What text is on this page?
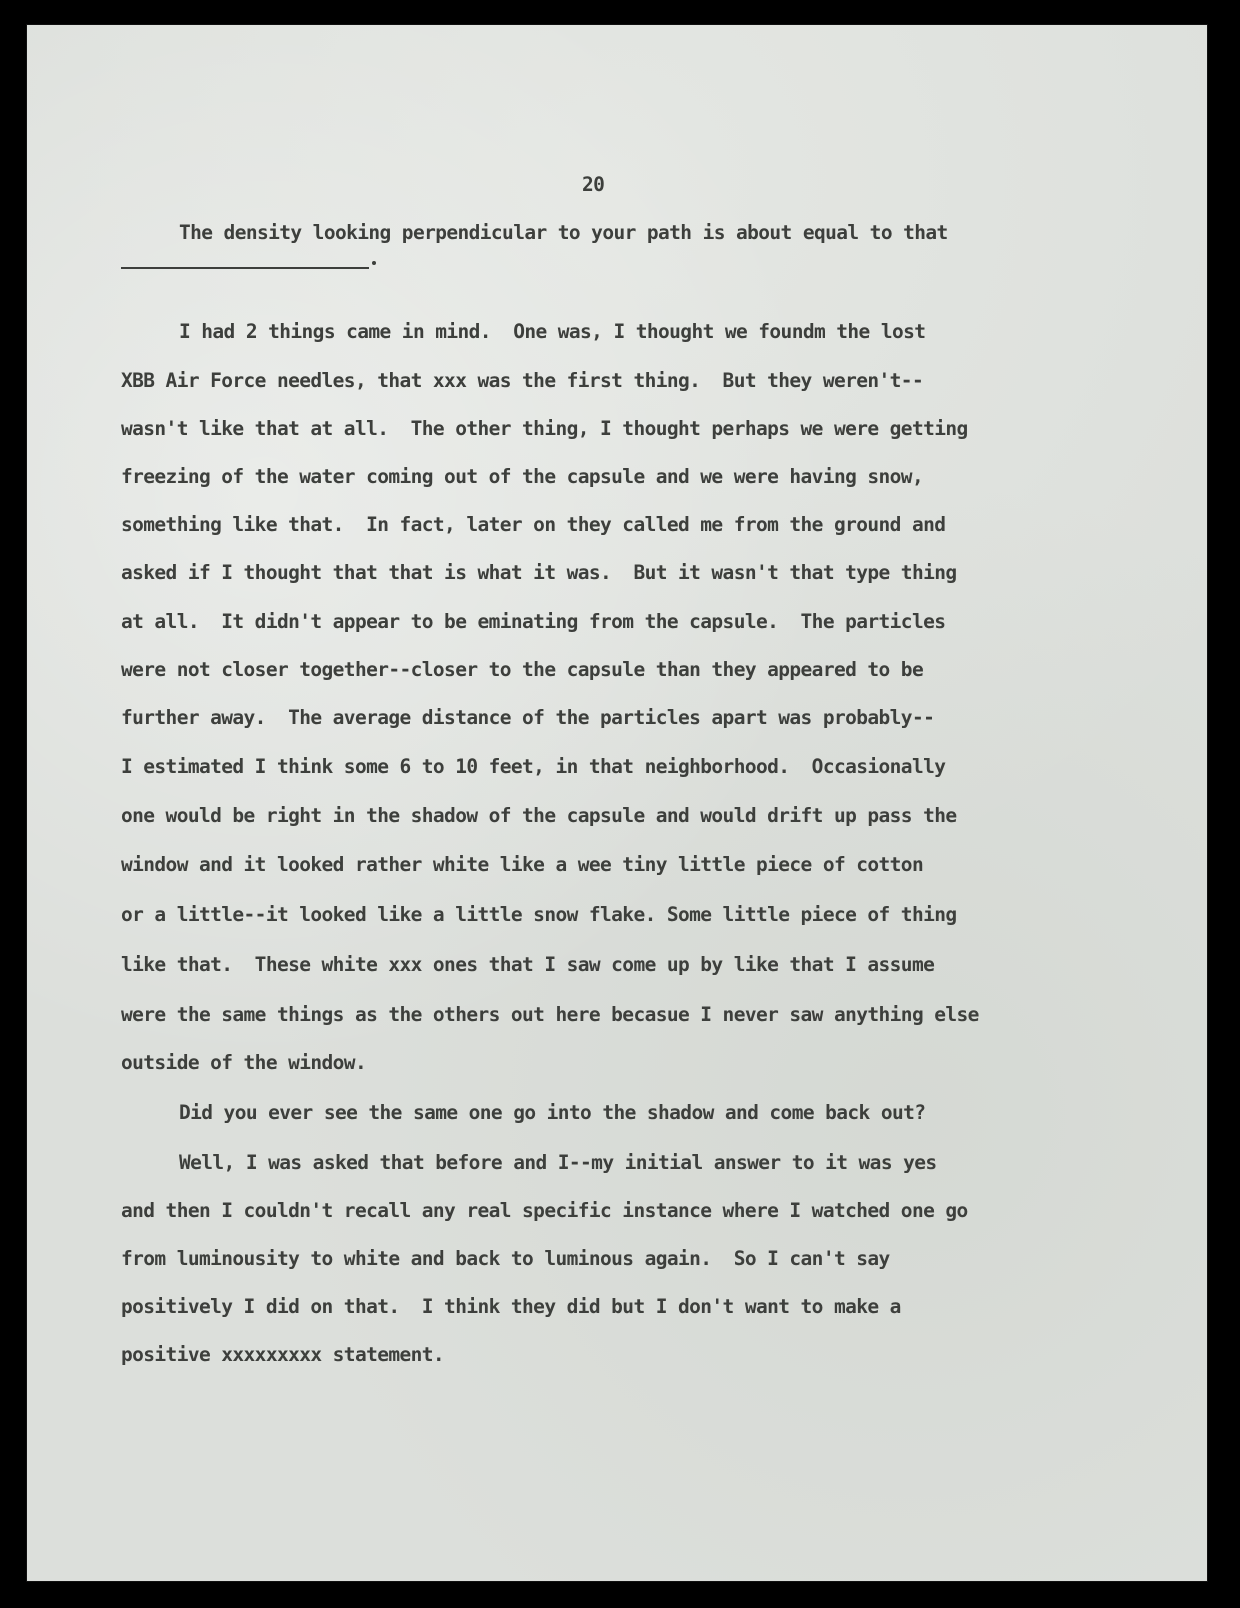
20

The density looking perpendicular to your path is about equal to that

I had 2 things came in mind.  One was, I thought we foundm the lost

XBB Air Force needles, that xxx was the first thing.  But they weren't--

wasn't like that at all.  The other thing, I thought perhaps we were getting

freezing of the water coming out of the capsule and we were having snow,

something like that.  In fact, later on they called me from the ground and

asked if I thought that that is what it was.  But it wasn't that type thing

at all.  It didn't appear to be eminating from the capsule.  The particles

were not closer together--closer to the capsule than they appeared to be

further away.  The average distance of the particles apart was probably--

I estimated I think some 6 to 10 feet, in that neighborhood.  Occasionally

one would be right in the shadow of the capsule and would drift up pass the

window and it looked rather white like a wee tiny little piece of cotton

or a little--it looked like a little snow flake. Some little piece of thing

like that.  These white xxx ones that I saw come up by like that I assume

were the same things as the others out here becasue I never saw anything else

outside of the window.

Did you ever see the same one go into the shadow and come back out?

Well, I was asked that before and I--my initial answer to it was yes

and then I couldn't recall any real specific instance where I watched one go

from luminousity to white and back to luminous again.  So I can't say

positively I did on that.  I think they did but I don't want to make a

positive xxxxxxxxx statement.
